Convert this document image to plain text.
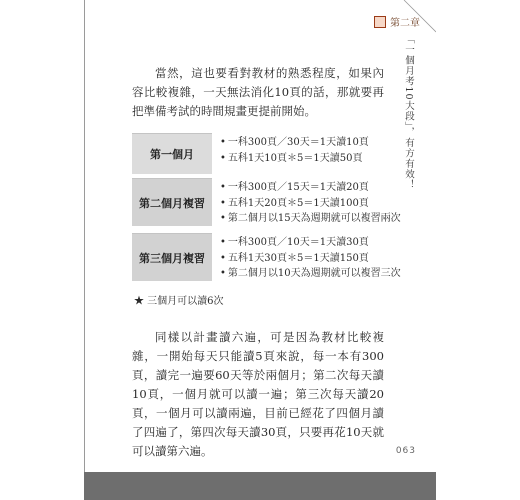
第二章
「一個月考10大段」，有方有效！

當然，這也要看對教材的熟悉程度，如果內容比較複雜，一天無法消化10頁的話，那就要再把準備考試的時間規畫更提前開始。

第一個月
• 一科300頁／30天＝1天讀10頁
• 五科1天10頁＊5＝1天讀50頁
第二個月複習
• 一科300頁／15天＝1天讀20頁
• 五科1天20頁＊5＝1天讀100頁
• 第二個月以15天為週期就可以複習兩次
第三個月複習
• 一科300頁／10天＝1天讀30頁
• 五科1天30頁＊5＝1天讀150頁
• 第二個月以10天為週期就可以複習三次
★ 三個月可以讀6次

同樣以計畫讀六遍，可是因為教材比較複雜，一開始每天只能讀5頁來說，每一本有300頁，讀完一遍要60天等於兩個月；第二次每天讀10頁，一個月就可以讀一遍；第三次每天讀20頁，一個月可以讀兩遍，目前已經花了四個月讀了四遍了，第四次每天讀30頁，只要再花10天就可以讀第六遍。	063
